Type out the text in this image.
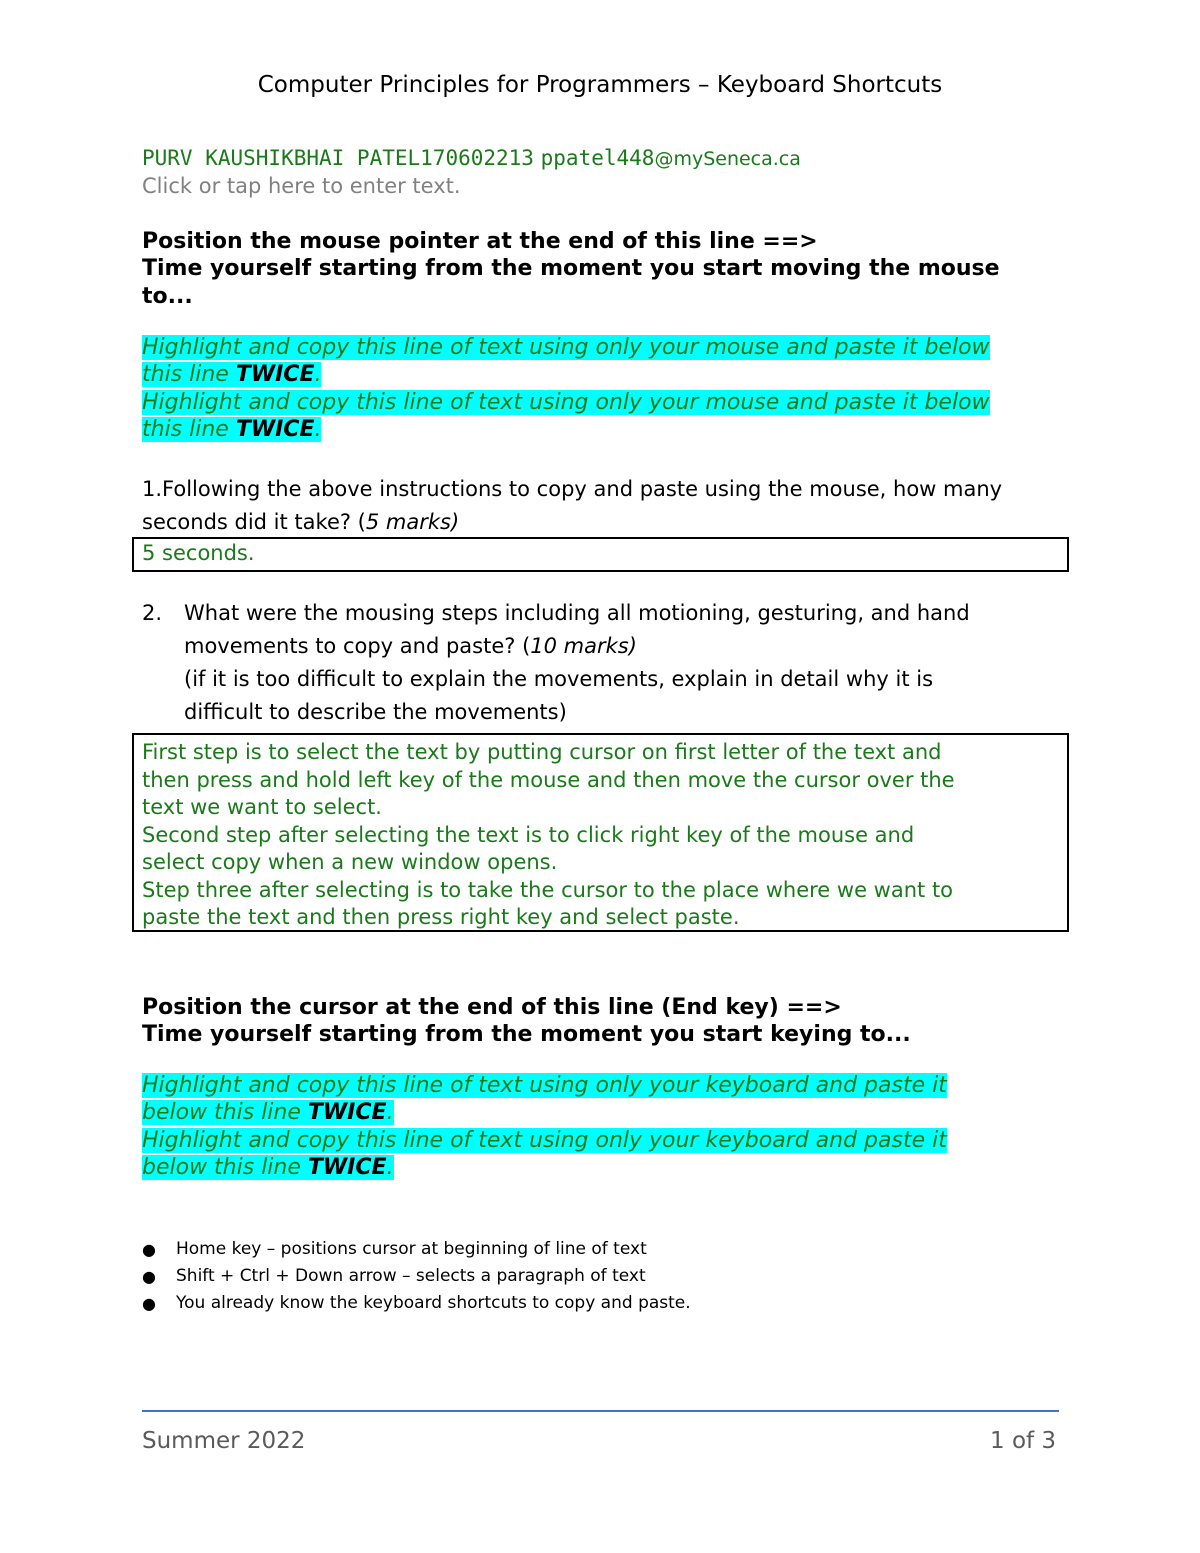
Computer Principles for Programmers – Keyboard Shortcuts
PURV KAUSHIKBHAI PATEL170602213 ppatel448@mySeneca.ca
Click or tap here to enter text.
Position the mouse pointer at the end of this line ==>
Time yourself starting from the moment you start moving the mouse
to...
Highlight and copy this line of text using only your mouse and paste it below
this line TWICE.
Highlight and copy this line of text using only your mouse and paste it below
this line TWICE.
1.Following the above instructions to copy and paste using the mouse, how many
seconds did it take? (5 marks)
5 seconds.
2. What were the mousing steps including all motioning, gesturing, and hand

movements to copy and paste? (10 marks)
(if it is too difficult to explain the movements, explain in detail why it is
difficult to describe the movements)
First step is to select the text by putting cursor on first letter of the text and
then press and hold left key of the mouse and then move the cursor over the
text we want to select.
Second step after selecting the text is to click right key of the mouse and
select copy when a new window opens.
Step three after selecting is to take the cursor to the place where we want to
paste the text and then press right key and select paste.
Position the cursor at the end of this line (End key) ==>
Time yourself starting from the moment you start keying to...
Highlight and copy this line of text using only your keyboard and paste it
below this line TWICE.
Highlight and copy this line of text using only your keyboard and paste it
below this line TWICE.
● Home key – positions cursor at beginning of line of text
● Shift + Ctrl + Down arrow – selects a paragraph of text
● You already know the keyboard shortcuts to copy and paste.
Summer 2022	1 of 3
